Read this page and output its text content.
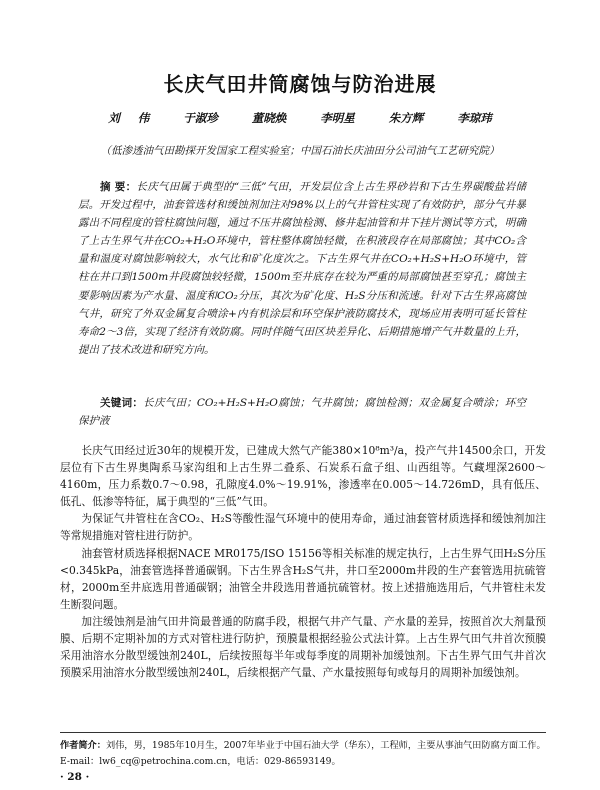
长庆气田井筒腐蚀与防治进展
刘 伟	于淑珍	董晓焕	李明星	朱方辉	李琼玮
（低渗透油气田勘探开发国家工程实验室；中国石油长庆油田分公司油气工艺研究院）
摘 要：长庆气田属于典型的“三低”气田，开发层位含上古生界砂岩和下古生界碳酸盐岩储层。开发过程中，油套管选材和缓蚀剂加注对98%以上的气井管柱实现了有效防护，部分气井暴露出不同程度的管柱腐蚀问题，通过不压井腐蚀检测、修井起油管和井下挂片测试等方式，明确了上古生界气井在CO₂+H₂O环境中，管柱整体腐蚀轻微，在积液段存在局部腐蚀；其中CO₂含量和温度对腐蚀影响较大，水气比和矿化度次之。下古生界气井在CO₂+H₂S+H₂O环境中，管柱在井口到1500m井段腐蚀较轻微，1500m至井底存在较为严重的局部腐蚀甚至穿孔；腐蚀主要影响因素为产水量、温度和CO₂分压，其次为矿化度、H₂S分压和流速。针对下古生界高腐蚀气井，研究了外双金属复合喷涂+内有机涂层和环空保护液防腐技术，现场应用表明可延长管柱寿命2～3倍，实现了经济有效防腐。同时伴随气田区块差异化、后期措施增产气井数量的上升，提出了技术改进和研究方向。
关键词：长庆气田；CO₂+H₂S+H₂O腐蚀；气井腐蚀；腐蚀检测；双金属复合喷涂；环空保护液

长庆气田经过近30年的规模开发，已建成大然气产能380×10⁸m³/a，投产气井14500余口，开发层位有下古生界奥陶系马家沟组和上古生界二叠系、石炭系石盒子组、山西组等。气藏埋深2600～4160m，压力系数0.7～0.98，孔隙度4.0%～19.91%，渗透率在0.005～14.726mD，具有低压、低孔、低渗等特征，属于典型的“三低”气田。

为保证气井管柱在含CO₂、H₂S等酸性湿气环境中的使用寿命，通过油套管材质选择和缓蚀剂加注等常规措施对管柱进行防护。

油套管材质选择根据NACE MR0175/ISO 15156等相关标准的规定执行，上古生界气田H₂S分压<0.345kPa，油套管选择普通碳钢。下古生界含H₂S气井，井口至2000m井段的生产套管选用抗硫管材，2000m至井底选用普通碳钢；油管全井段选用普通抗硫管材。按上述措施选用后，气井管柱未发生断裂问题。

加注缓蚀剂是油气田井筒最普通的防腐手段，根据气井产气量、产水量的差异，按照首次大剂量预膜、后期不定期补加的方式对管柱进行防护，预膜量根据经验公式法计算。上古生界气田气井首次预膜采用油溶水分散型缓蚀剂240L，后续按照每半年或每季度的周期补加缓蚀剂。下古生界气田气井首次预膜采用油溶水分散型缓蚀剂240L，后续根据产气量、产水量按照每旬或每月的周期补加缓蚀剂。

作者简介：刘伟，男，1985年10月生，2007年毕业于中国石油大学（华东），工程师，主要从事油气田防腐方面工作。E-mail：lw6_cq@petrochina.com.cn，电话：029-86593149。
· 28 ·
